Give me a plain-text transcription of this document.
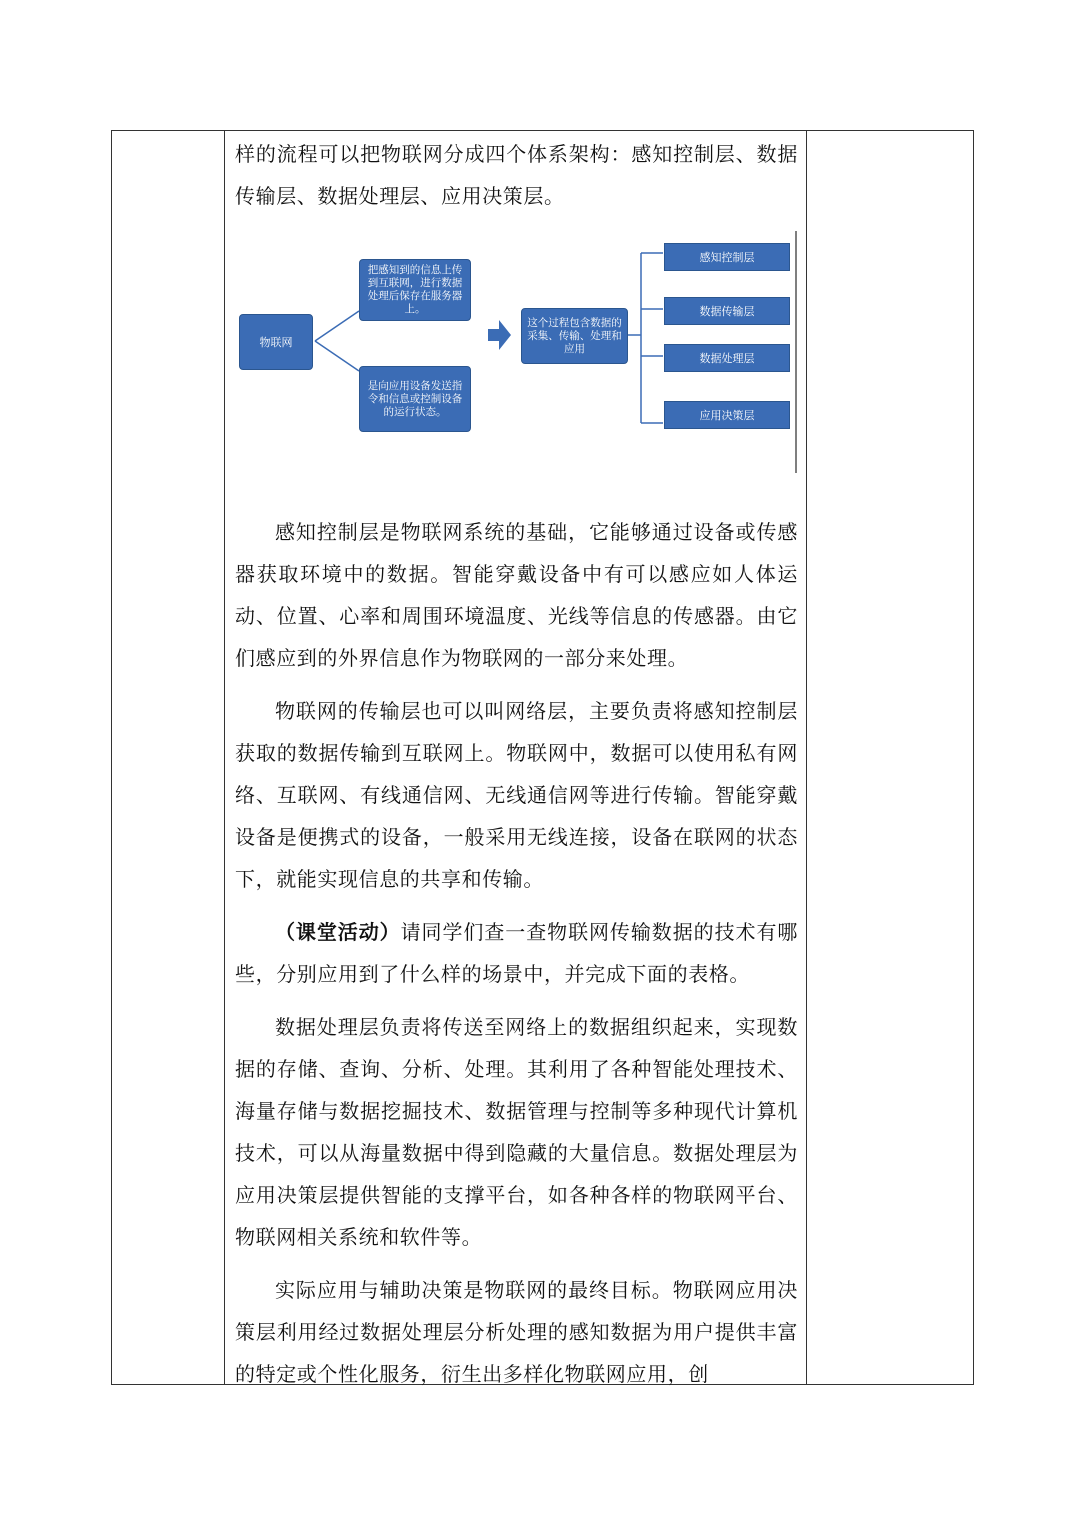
样的流程可以把物联网分成四个体系架构：感知控制层、数据传输层、数据处理层、应用决策层。

物联网
把感知到的信息上传到互联网，进行数据处理后保存在服务器上。
是向应用设备发送指令和信息或控制设备的运行状态。
这个过程包含数据的采集、传输、处理和应用
感知控制层
数据传输层
数据处理层
应用决策层

感知控制层是物联网系统的基础，它能够通过设备或传感器获取环境中的数据。智能穿戴设备中有可以感应如人体运动、位置、心率和周围环境温度、光线等信息的传感器。由它们感应到的外界信息作为物联网的一部分来处理。

物联网的传输层也可以叫网络层，主要负责将感知控制层获取的数据传输到互联网上。物联网中，数据可以使用私有网络、互联网、有线通信网、无线通信网等进行传输。智能穿戴设备是便携式的设备，一般采用无线连接，设备在联网的状态下，就能实现信息的共享和传输。

（课堂活动）请同学们查一查物联网传输数据的技术有哪些，分别应用到了什么样的场景中，并完成下面的表格。

数据处理层负责将传送至网络上的数据组织起来，实现数据的存储、查询、分析、处理。其利用了各种智能处理技术、海量存储与数据挖掘技术、数据管理与控制等多种现代计算机技术，可以从海量数据中得到隐藏的大量信息。数据处理层为应用决策层提供智能的支撑平台，如各种各样的物联网平台、物联网相关系统和软件等。

实际应用与辅助决策是物联网的最终目标。物联网应用决策层利用经过数据处理层分析处理的感知数据为用户提供丰富的特定或个性化服务，衍生出多样化物联网应用，创
